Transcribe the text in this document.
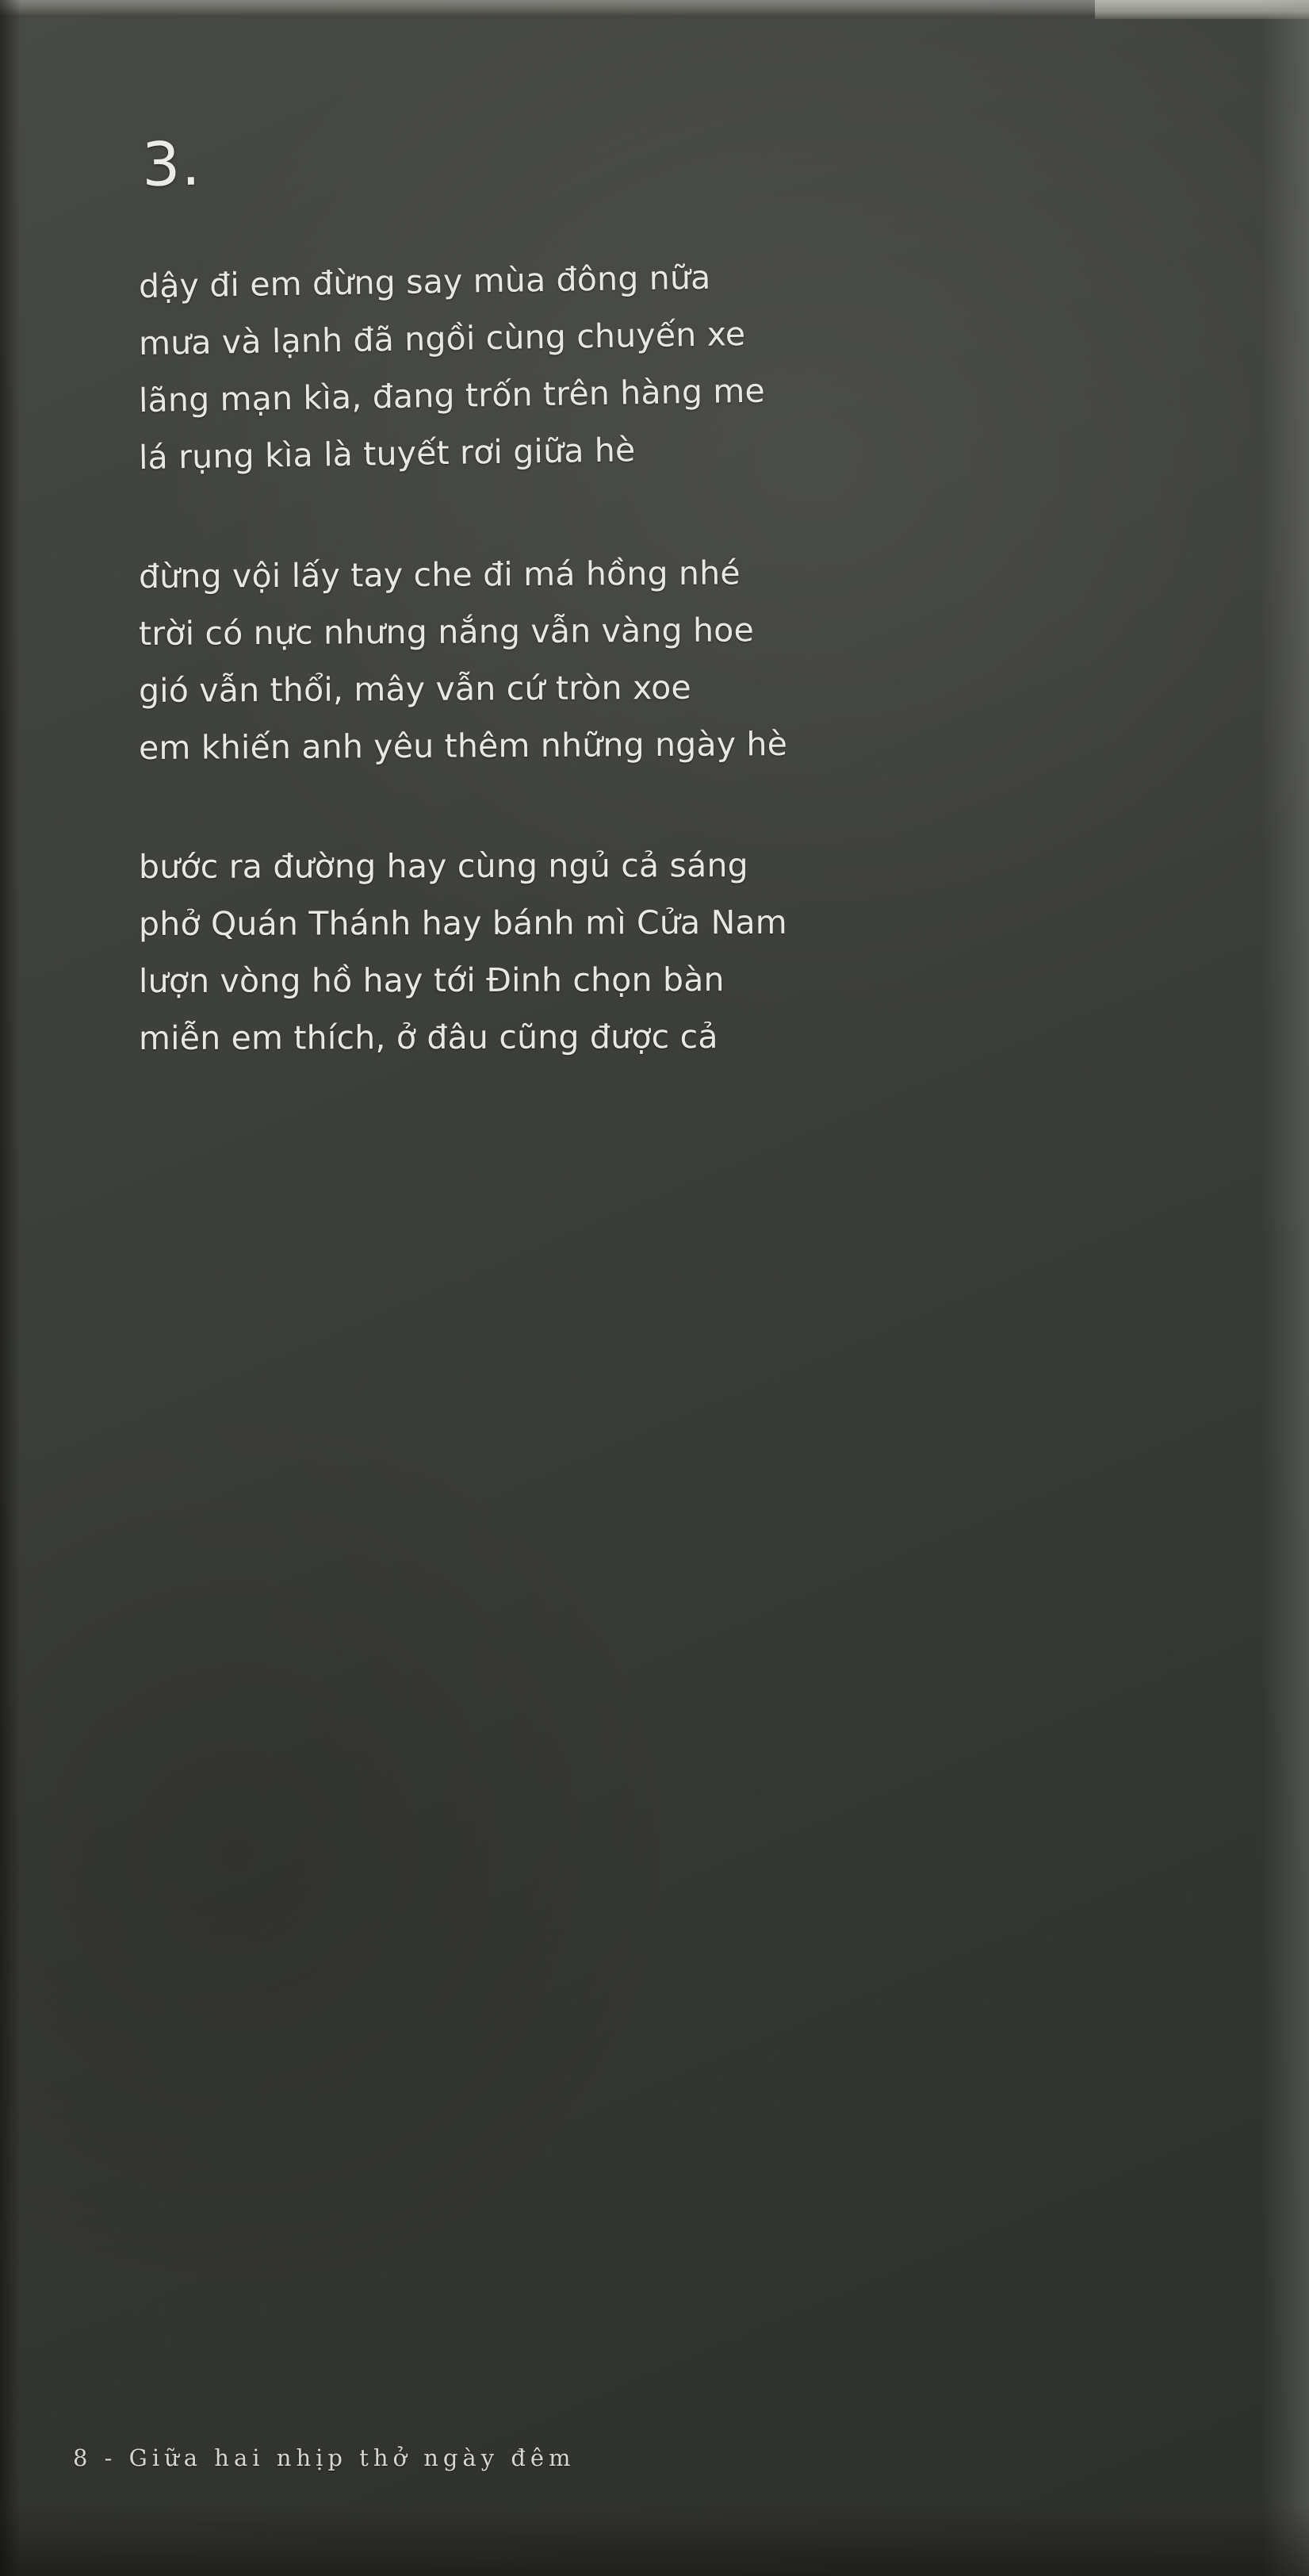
3.

dậy đi em đừng say mùa đông nữa

mưa và lạnh đã ngồi cùng chuyến xe

lãng mạn kìa, đang trốn trên hàng me

lá rụng kìa là tuyết rơi giữa hè

đừng vội lấy tay che đi má hồng nhé

trời có nực nhưng nắng vẫn vàng hoe

gió vẫn thổi, mây vẫn cứ tròn xoe

em khiến anh yêu thêm những ngày hè

bước ra đường hay cùng ngủ cả sáng

phở Quán Thánh hay bánh mì Cửa Nam

lượn vòng hồ hay tới Đinh chọn bàn

miễn em thích, ở đâu cũng được cả

8 - Giữa hai nhịp thở ngày đêm
